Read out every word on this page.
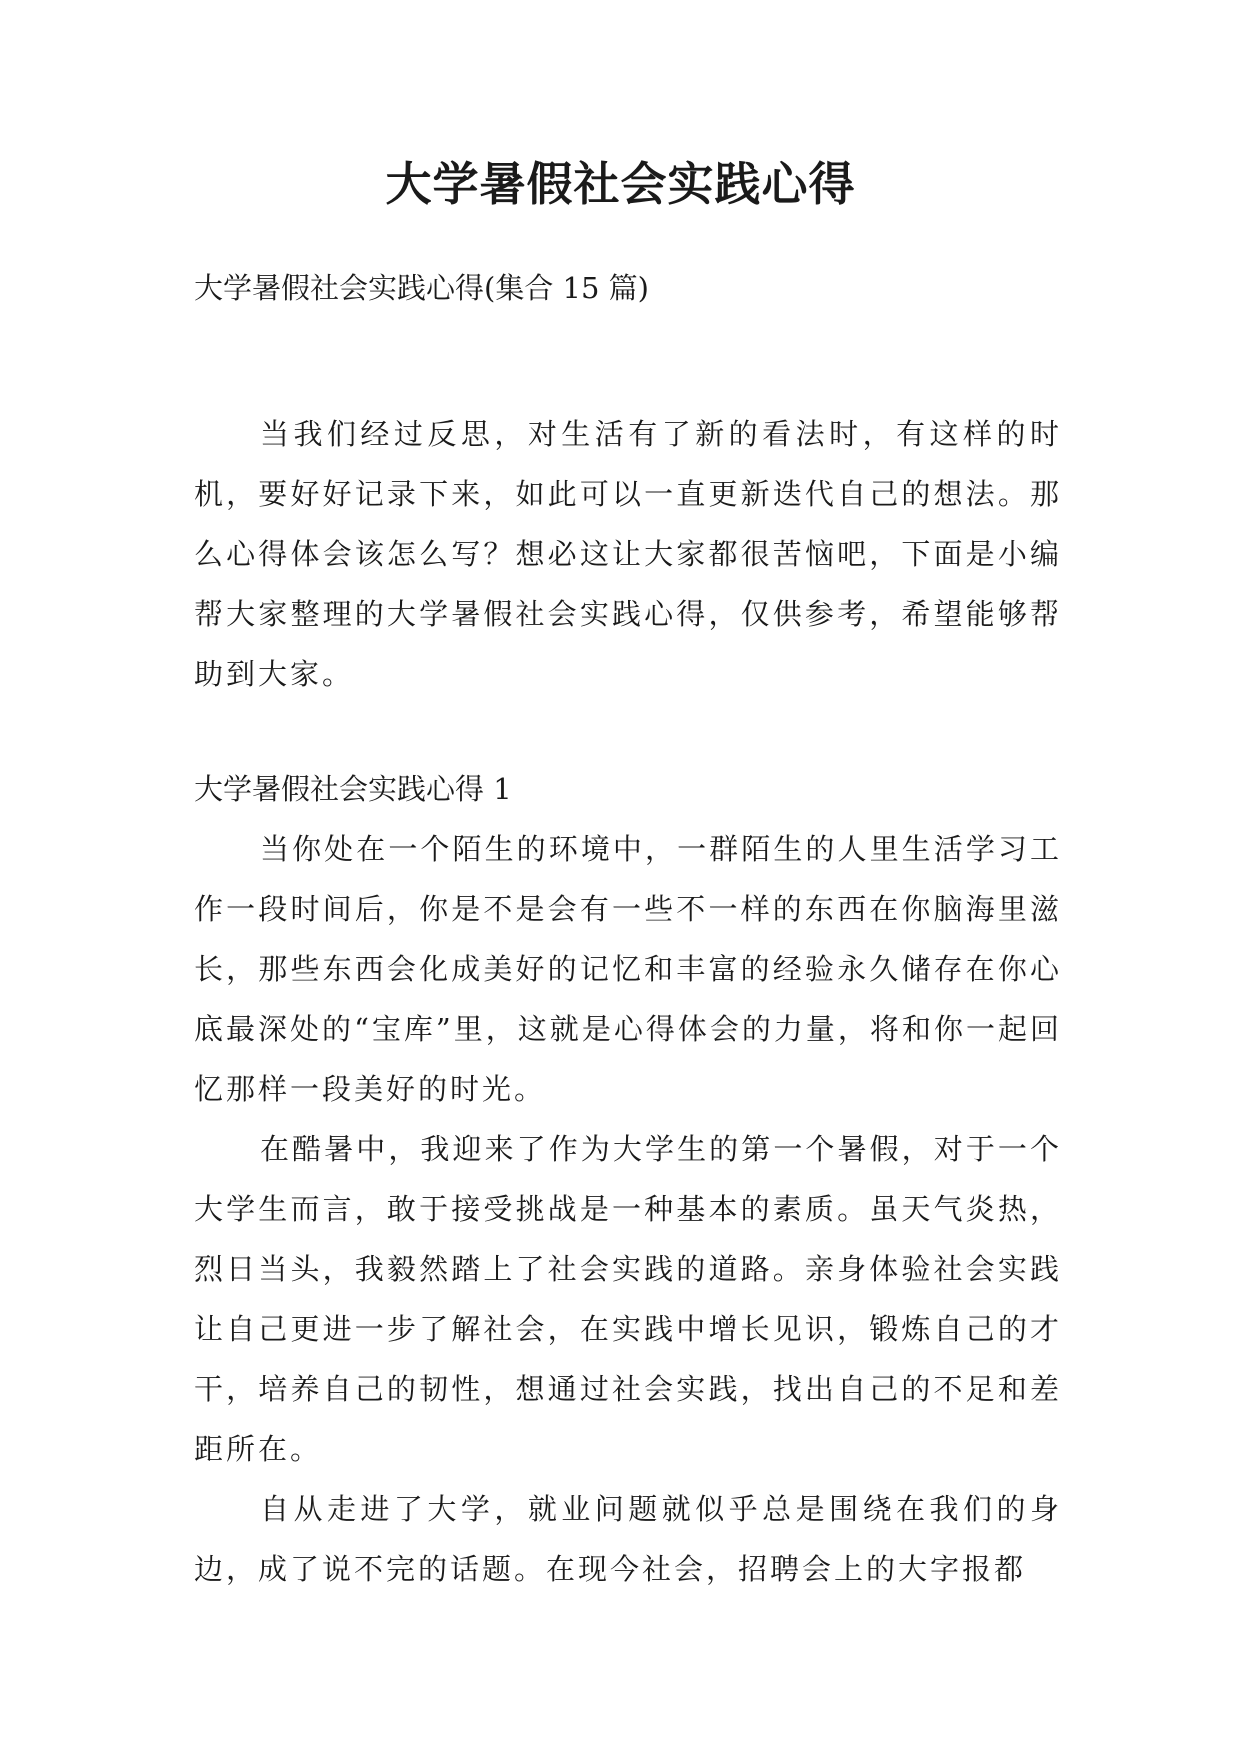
大学暑假社会实践心得

大学暑假社会实践心得(集合 15 篇)

当我们经过反思，对生活有了新的看法时，有这样的时机，要好好记录下来，如此可以一直更新迭代自己的想法。那么心得体会该怎么写？想必这让大家都很苦恼吧，下面是小编帮大家整理的大学暑假社会实践心得，仅供参考，希望能够帮助到大家。

大学暑假社会实践心得 1

当你处在一个陌生的环境中，一群陌生的人里生活学习工作一段时间后，你是不是会有一些不一样的东西在你脑海里滋长，那些东西会化成美好的记忆和丰富的经验永久储存在你心底最深处的“宝库”里，这就是心得体会的力量，将和你一起回忆那样一段美好的时光。

在酷暑中，我迎来了作为大学生的第一个暑假，对于一个大学生而言，敢于接受挑战是一种基本的素质。虽天气炎热，烈日当头，我毅然踏上了社会实践的道路。亲身体验社会实践让自己更进一步了解社会，在实践中增长见识，锻炼自己的才干，培养自己的韧性，想通过社会实践，找出自己的不足和差距所在。

自从走进了大学，就业问题就似乎总是围绕在我们的身边，成了说不完的话题。在现今社会，招聘会上的大字报都
